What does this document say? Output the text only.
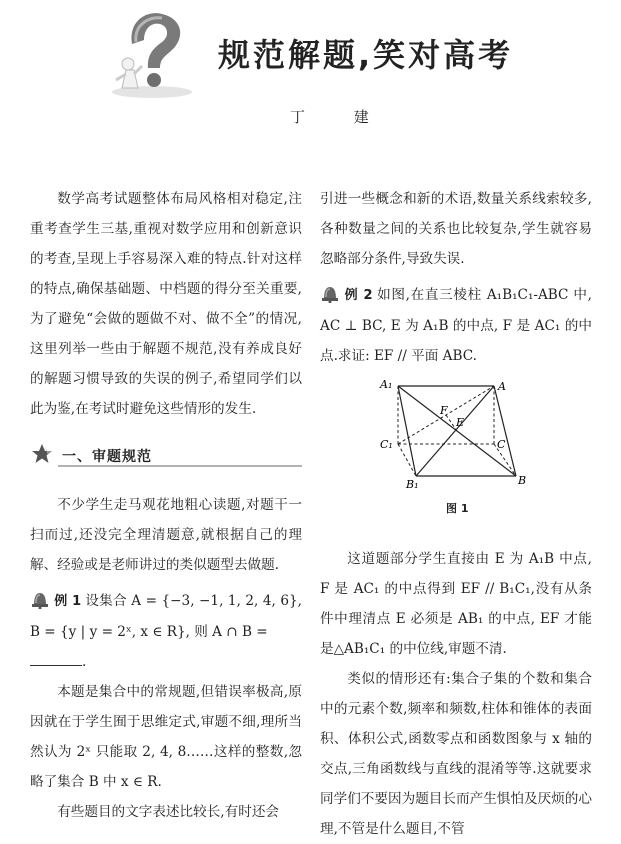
规范解题,笑对高考
丁 建

数学高考试题整体布局风格相对稳定,注重考查学生三基,重视对数学应用和创新意识的考查,呈现上手容易深入难的特点.针对这样的特点,确保基础题、中档题的得分至关重要,为了避免“会做的题做不对、做不全”的情况,这里列举一些由于解题不规范,没有养成良好的解题习惯导致的失误的例子,希望同学们以此为鉴,在考试时避免这些情形的发生.

一、审题规范

不少学生走马观花地粗心读题,对题干一扫而过,还没完全理清题意,就根据自己的理解、经验或是老师讲过的类似题型去做题.

例 1 设集合 A = {−3, −1, 1, 2, 4, 6}, B = {y | y = 2ˣ, x ∈ R}, 则 A ∩ B =
.

本题是集合中的常规题,但错误率极高,原因就在于学生囿于思维定式,审题不细,理所当然认为 2ˣ 只能取 2, 4, 8……这样的整数,忽略了集合 B 中 x ∈ R.

有些题目的文字表述比较长,有时还会

引进一些概念和新的术语,数量关系线索较多,各种数量之间的关系也比较复杂,学生就容易忽略部分条件,导致失误.

例 2 如图,在直三棱柱 A₁B₁C₁-ABC 中, AC ⊥ BC, E 为 A₁B 的中点, F 是 AC₁ 的中点.求证: EF // 平面 ABC.

A₁	A
F
E
C₁	C
B₁	B
图 1

这道题部分学生直接由 E 为 A₁B 中点, F 是 AC₁ 的中点得到 EF // B₁C₁,没有从条件中理清点 E 必须是 AB₁ 的中点, EF 才能是△AB₁C₁ 的中位线,审题不清.

类似的情形还有:集合子集的个数和集合中的元素个数,频率和频数,柱体和锥体的表面积、体积公式,函数零点和函数图象与 x 轴的交点,三角函数线与直线的混淆等等.这就要求同学们不要因为题目长而产生惧怕及厌烦的心理,不管是什么题目,不管
